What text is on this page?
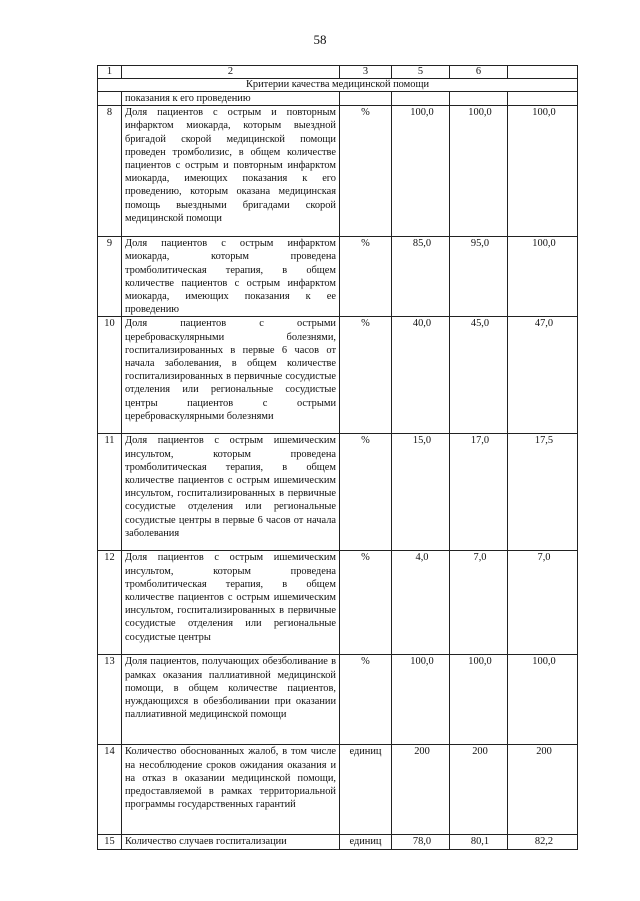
58
1	2	3	5	6	
Критерии качества медицинской помощи					
	показания к его проведению				
8	Доля пациентов с острым и повторным инфарктом миокарда, которым выездной бригадой скорой медицинской помощи проведен тромболизис, в общем количестве пациентов с острым и повторным инфарктом миокарда, имеющих показания к его проведению, которым оказана медицинская помощь выездными бригадами скорой медицинской помощи	%	100,0	100,0	100,0
9	Доля пациентов с острым инфарктом миокарда, которым проведена тромболитическая терапия, в общем количестве пациентов с острым инфарктом миокарда, имеющих показания к ее проведению	%	85,0	95,0	100,0
10	Доля пациентов с острыми цереброваскулярными болезнями, госпитализированных в первые 6 часов от начала заболевания, в общем количестве госпитализированных в первичные сосудистые отделения или региональные сосудистые центры пациентов с острыми цереброваскулярными болезнями	%	40,0	45,0	47,0
11	Доля пациентов с острым ишемическим инсультом, которым проведена тромболитическая терапия, в общем количестве пациентов с острым ишемическим инсультом, госпитализированных в первичные сосудистые отделения или региональные сосудистые центры в первые 6 часов от начала заболевания	%	15,0	17,0	17,5
12	Доля пациентов с острым ишемическим инсультом, которым проведена тромболитическая терапия, в общем количестве пациентов с острым ишемическим инсультом, госпитализированных в первичные сосудистые отделения или региональные сосудистые центры	%	4,0	7,0	7,0
13	Доля пациентов, получающих обезболивание в рамках оказания паллиативной медицинской помощи, в общем количестве пациентов, нуждающихся в обезболивании при оказании паллиативной медицинской помощи	%	100,0	100,0	100,0
14	Количество обоснованных жалоб, в том числе на несоблюдение сроков ожидания оказания и на отказ в оказании медицинской помощи, предоставляемой в рамках территориальной программы государственных гарантий	единиц	200	200	200
15	Количество случаев госпитализации	единиц	78,0	80,1	82,2
